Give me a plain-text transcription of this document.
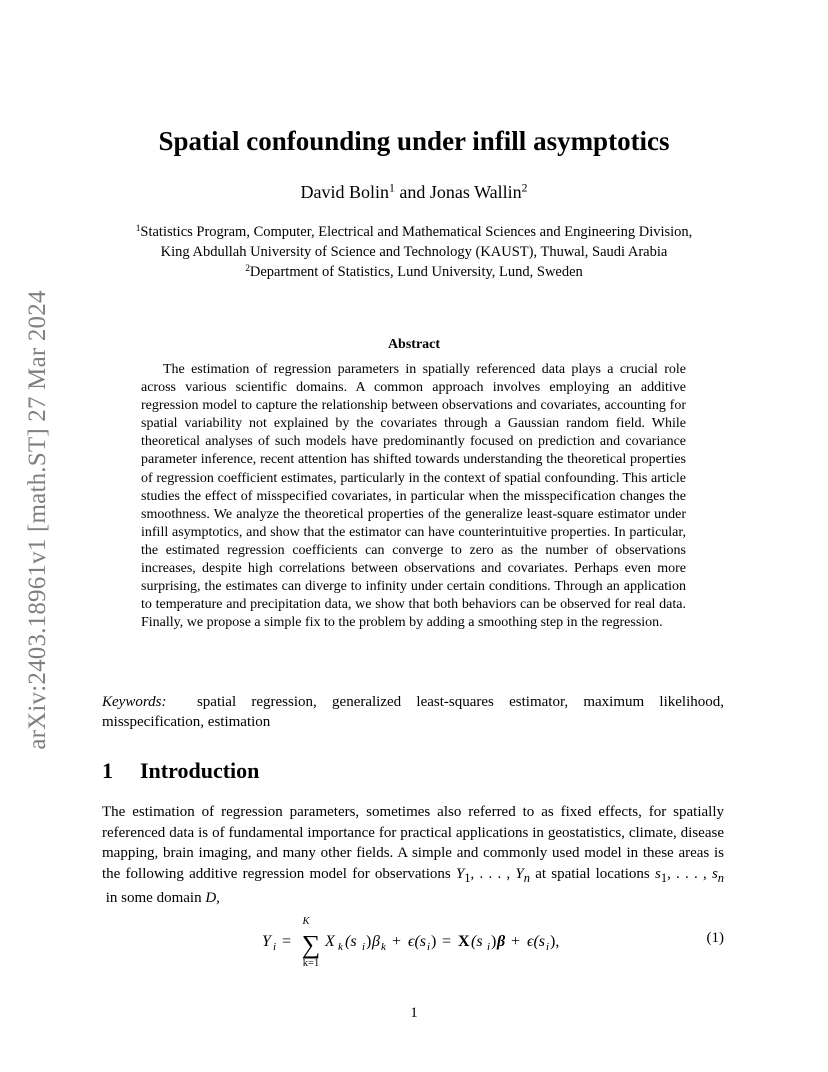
arXiv:2403.18961v1 [math.ST] 27 Mar 2024
Spatial confounding under infill asymptotics
David Bolin$^1$ and Jonas Wallin$^2$
$^1$Statistics Program, Computer, Electrical and Mathematical Sciences and Engineering Division,
King Abdullah University of Science and Technology (KAUST), Thuwal, Saudi Arabia
$^2$Department of Statistics, Lund University, Lund, Sweden
Abstract

The estimation of regression parameters in spatially referenced data plays a crucial role across various scientific domains. A common approach involves employing an additive regression model to capture the relationship between observations and covariates, accounting for spatial variability not explained by the covariates through a Gaussian random field. While theoretical analyses of such models have predominantly focused on prediction and covariance parameter inference, recent attention has shifted towards understanding the theoretical properties of regression coefficient estimates, particularly in the context of spatial confounding. This article studies the effect of misspecified covariates, in particular when the misspecification changes the smoothness. We analyze the theoretical properties of the generalize least-square estimator under infill asymptotics, and show that the estimator can have counterintuitive properties. In particular, the estimated regression coefficients can converge to zero as the number of observations increases, despite high correlations between observations and covariates. Perhaps even more surprising, the estimates can diverge to infinity under certain conditions. Through an application to temperature and precipitation data, we show that both behaviors can be observed for real data. Finally, we propose a simple fix to the problem by adding a smoothing step in the regression.

Keywords: spatial regression, generalized least-squares estimator, maximum likelihood, misspecification, estimation

1 Introduction

The estimation of regression parameters, sometimes also referred to as fixed effects, for spatially referenced data is of fundamental importance for practical applications in geostatistics, climate, disease mapping, brain imaging, and many other fields. A simple and commonly used model in these areas is the following additive regression model for observations $Y_1$, . . . , $Y_n$ at spatial locations $s_1$, . . . , $s_n$ in some domain D,

Y i =
K
∑
k=1
X k (s i ) β k + ϵ(s i ) = X (s i ) β + ϵ(s i ),	(1)
1
